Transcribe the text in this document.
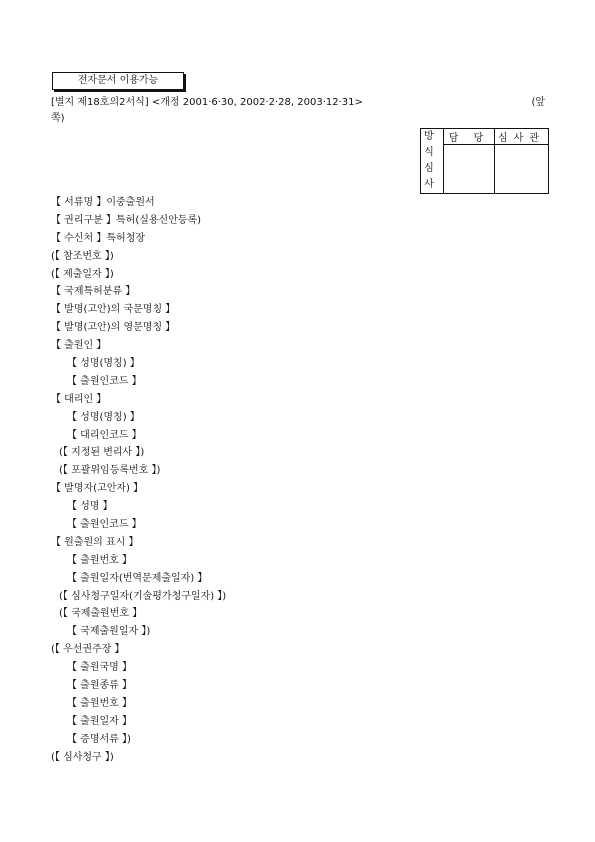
전자문서 이용가능
[별지 제18호의2서식] <개정 2001·6·30, 2002·2·28, 2003·12·31>	(앞
쪽)
방
식
심
사	담 당	심사관

【 서류명 】이중출원서
【 권리구분 】특허(실용신안등록)
【 수신처 】특허청장
(【 참조번호 】)
(【 제출일자 】)
【 국제특허분류 】
【 발명(고안)의 국문명칭 】
【 발명(고안)의 영문명칭 】
【 출원인 】
【 성명(명칭) 】
【 출원인코드 】
【 대리인 】
【 성명(명칭) 】
【 대리인코드 】
(【 지정된 변리사 】)
(【 포괄위임등록번호 】)
【 발명자(고안자) 】
【 성명 】
【 출원인코드 】
【 원출원의 표시 】
【 출원번호 】
【 출원일자(번역문제출일자) 】
(【 심사청구일자(기술평가청구일자) 】)
(【 국제출원번호 】
【 국제출원일자 】)
(【 우선권주장 】
【 출원국명 】
【 출원종류 】
【 출원번호 】
【 출원일자 】
【 증명서류 】)
(【 심사청구 】)
